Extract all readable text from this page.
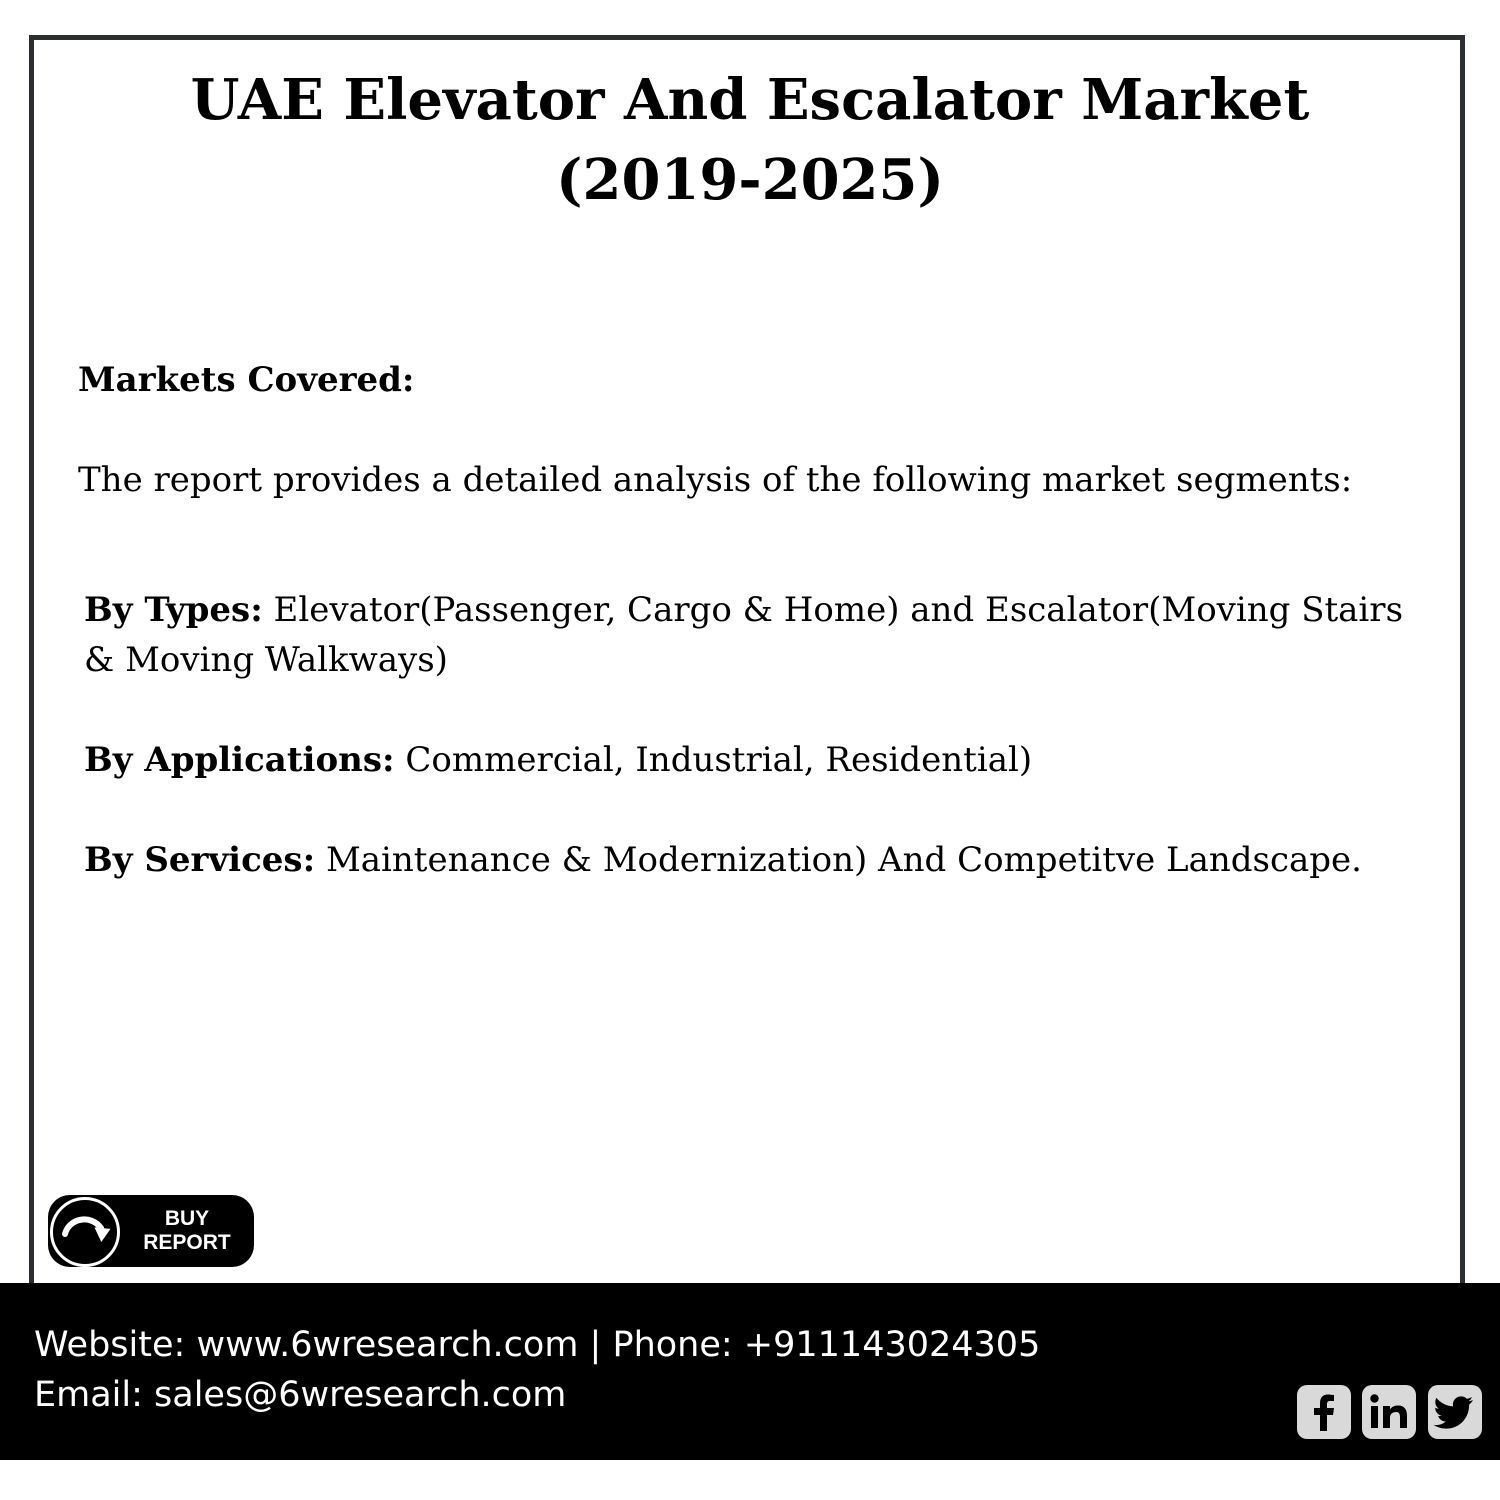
UAE Elevator And Escalator Market
(2019-2025)

Markets Covered:

The report provides a detailed analysis of the following market segments:

By Types: Elevator(Passenger, Cargo & Home) and Escalator(Moving Stairs & Moving Walkways)

By Applications: Commercial, Industrial, Residential)

By Services: Maintenance & Modernization) And Competitve Landscape.

BUY
REPORT
Website: www.6wresearch.com | Phone: +911143024305
Email: sales@6wresearch.com
